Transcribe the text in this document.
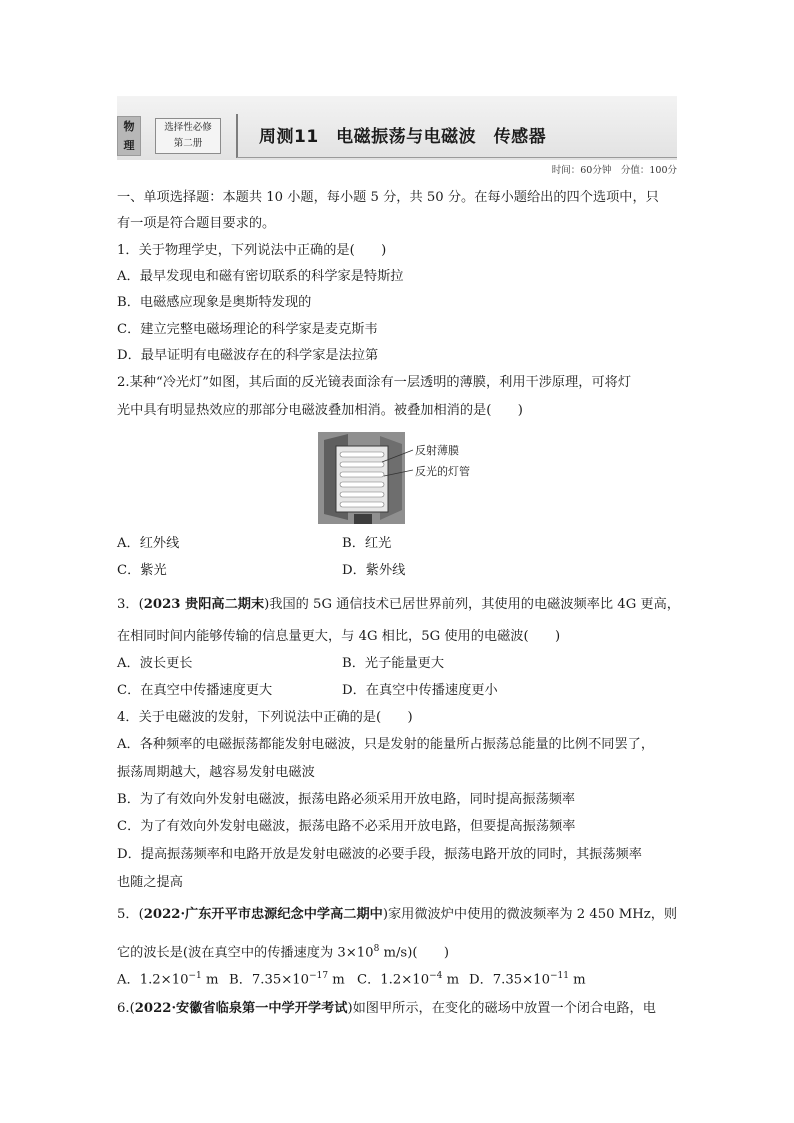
物
理
选择性必修
第二册	周测11　电磁振荡与电磁波　传感器
时间：60分钟　分值：100分
一、单项选择题：本题共 10 小题，每小题 5 分，共 50 分。在每小题给出的四个选项中，只
有一项是符合题目要求的。
1．关于物理学史，下列说法中正确的是(　　)
A．最早发现电和磁有密切联系的科学家是特斯拉
B．电磁感应现象是奥斯特发现的
C．建立完整电磁场理论的科学家是麦克斯韦
D．最早证明有电磁波存在的科学家是法拉第
2.某种“冷光灯”如图，其后面的反光镜表面涂有一层透明的薄膜，利用干涉原理，可将灯
光中具有明显热效应的那部分电磁波叠加相消。被叠加相消的是(　　)
A．红外线	B．红光
C．紫光	D．紫外线
3．(2023 贵阳高二期末)我国的 5G 通信技术已居世界前列，其使用的电磁波频率比 4G 更高，
在相同时间内能够传输的信息量更大，与 4G 相比，5G 使用的电磁波(　　)
A．波长更长	B．光子能量更大
C．在真空中传播速度更大	D．在真空中传播速度更小
4．关于电磁波的发射，下列说法中正确的是(　　)
A．各种频率的电磁振荡都能发射电磁波，只是发射的能量所占振荡总能量的比例不同罢了，
振荡周期越大，越容易发射电磁波
B．为了有效向外发射电磁波，振荡电路必须采用开放电路，同时提高振荡频率
C．为了有效向外发射电磁波，振荡电路不必采用开放电路，但要提高振荡频率
D．提高振荡频率和电路开放是发射电磁波的必要手段，振荡电路开放的同时，其振荡频率
也随之提高
5．(2022·广东开平市忠源纪念中学高二期中)家用微波炉中使用的微波频率为 2 450 MHz，则
它的波长是(波在真空中的传播速度为 $3\times 10^8$ m/s)(　　)
A．$1.2\times 10^{-1}$ m B．$7.35\times 10^{-17}$ m C．$1.2\times 10^{-4}$ m D．$7.35\times 10^{-11}$ m
6.(2022·安徽省临泉第一中学开学考试)如图甲所示，在变化的磁场中放置一个闭合电路，电
反射薄膜
反光的灯管
